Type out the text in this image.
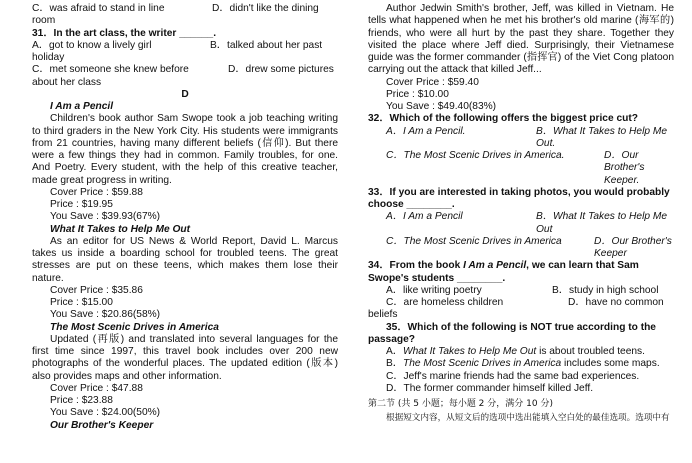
C．was afraid to stand in line	D．didn't like the dining

room

31．In the art class, the writer ______.

A．got to know a lively girl	B．talked about her past

holiday

C．met someone she knew before	D．drew some pictures

about her class

D

I Am a Pencil

Children's book author Sam Swope took a job teaching writing to third graders in the New York City. His students were immigrants from 21 countries, having many different beliefs (信仰). But there were a few things they had in common. Family troubles, for one. And Poetry. Every student, with the help of this creative teacher, made great progress in writing.

Cover Price : $59.88

Price : $19.95

You Save : $39.93(67%)

What It Takes to Help Me Out

As an editor for US News & World Report, David L. Marcus takes us inside a boarding school for troubled teens. The great stresses are put on these teens, which makes them lose their nature.

Cover Price : $35.86

Price : $15.00

You Save : $20.86(58%)

The Most Scenic Drives in America

Updated (再版) and translated into several languages for the first time since 1997, this travel book includes over 200 new photographs of the wonderful places. The updated edition (版本) also provides maps and other information.

Cover Price : $47.88

Price : $23.88

You Save : $24.00(50%)

Our Brother's Keeper

Author Jedwin Smith's brother, Jeff, was killed in Vietnam. He tells what happened when he met his brother's old marine (海军的) friends, who were all hurt by the past they share. Together they visited the place where Jeff died. Surprisingly, their Vietnamese guide was the former commander (指挥官) of the Viet Cong platoon carrying out the attack that killed Jeff...

Cover Price : $59.40

Price : $10.00

You Save : $49.40(83%)

32．Which of the following offers the biggest price cut?

A．I Am a Pencil.	B．What It Takes to Help Me Out.
C．The Most Scenic Drives in America.	D．Our Brother's Keeper.

33．If you are interested in taking photos, you would probably choose ________.

A．I Am a Pencil	B．What It Takes to Help Me Out
C．The Most Scenic Drives in America	D．Our Brother's Keeper

34．From the book I Am a Pencil, we can learn that Sam Swope's students ________.

A．like writing poetry	B．study in high school
C．are homeless children	D．have no common

beliefs

35．Which of the following is NOT true according to the passage?

A．What It Takes to Help Me Out is about troubled teens.

B．The Most Scenic Drives in America includes some maps.

C．Jeff's marine friends had the same bad experiences.

D．The former commander himself killed Jeff.

第二节 (共 5 小题；每小题 2 分，满分 10 分)

根据短文内容，从短文后的选项中选出能填入空白处的最佳选项。选项中有
